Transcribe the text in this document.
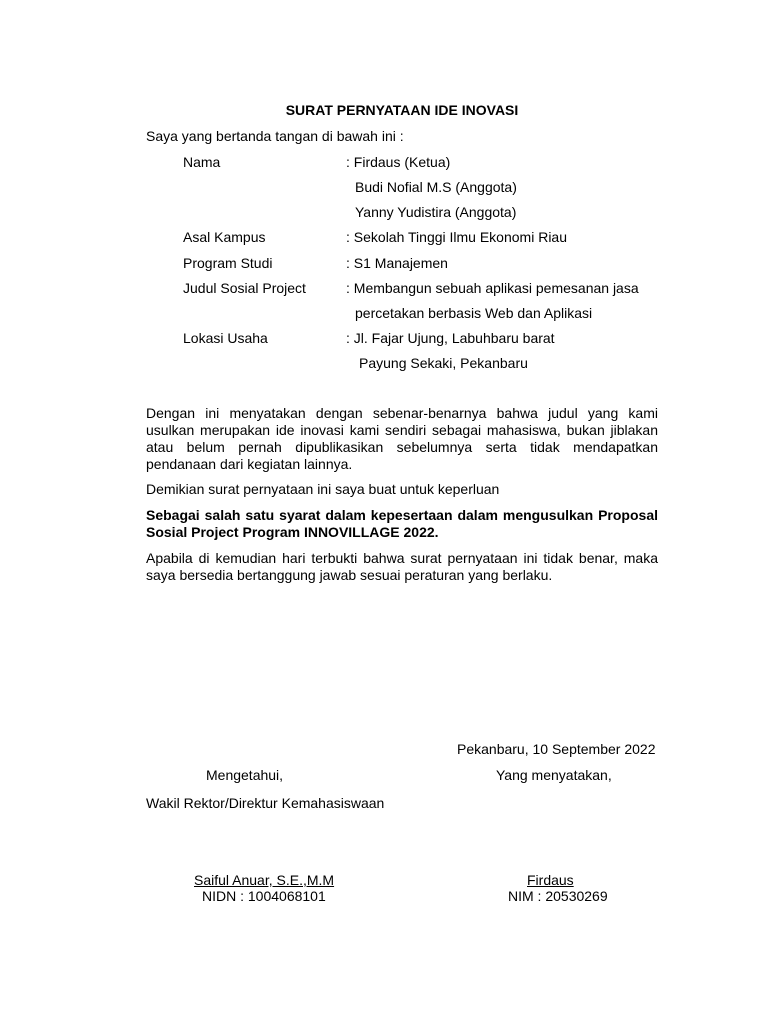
SURAT PERNYATAAN IDE INOVASI
Saya yang bertanda tangan di bawah ini :
Nama	: Firdaus (Ketua)
Budi Nofial M.S (Anggota)
Yanny Yudistira (Anggota)
Asal Kampus	: Sekolah Tinggi Ilmu Ekonomi Riau
Program Studi	: S1 Manajemen
Judul Sosial Project	: Membangun sebuah aplikasi pemesanan jasa
percetakan berbasis Web dan Aplikasi
Lokasi Usaha	: Jl. Fajar Ujung, Labuhbaru barat
Payung Sekaki, Pekanbaru
Dengan ini menyatakan dengan sebenar-benarnya bahwa judul yang kami usulkan merupakan ide inovasi kami sendiri sebagai mahasiswa, bukan jiblakan atau belum pernah dipublikasikan sebelumnya serta tidak mendapatkan pendanaan dari kegiatan lainnya.
Demikian surat pernyataan ini saya buat untuk keperluan
Sebagai salah satu syarat dalam kepesertaan dalam mengusulkan Proposal Sosial Project Program INNOVILLAGE 2022.
Apabila di kemudian hari terbukti bahwa surat pernyataan ini tidak benar, maka saya bersedia bertanggung jawab sesuai peraturan yang berlaku.
Pekanbaru, 10 September 2022
Mengetahui,	Yang menyatakan,
Wakil Rektor/Direktur Kemahasiswaan
Saiful Anuar, S.E.,M.M
NIDN : 1004068101
Firdaus
NIM : 20530269
